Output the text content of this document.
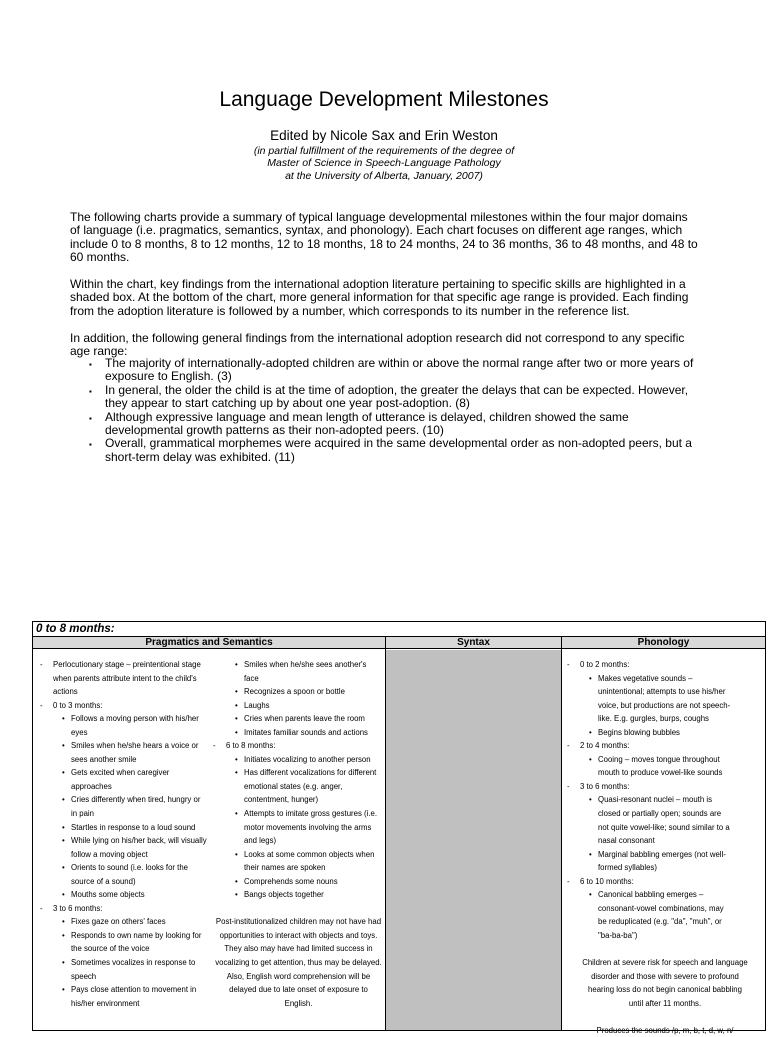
Language Development Milestones
Edited by Nicole Sax and Erin Weston
(in partial fulfillment of the requirements of the degree of
Master of Science in Speech-Language Pathology
at the University of Alberta, January, 2007)
The following charts provide a summary of typical language developmental milestones within the four major domains of language (i.e. pragmatics, semantics, syntax, and phonology). Each chart focuses on different age ranges, which include 0 to 8 months, 8 to 12 months, 12 to 18 months, 18 to 24 months, 24 to 36 months, 36 to 48 months, and 48 to 60 months.
Within the chart, key findings from the international adoption literature pertaining to specific skills are highlighted in a shaded box. At the bottom of the chart, more general information for that specific age range is provided. Each finding from the adoption literature is followed by a number, which corresponds to its number in the reference list.
In addition, the following general findings from the international adoption research did not correspond to any specific age range:
▪ The majority of internationally-adopted children are within or above the normal range after two or more years of exposure to English. (3)
▪ In general, the older the child is at the time of adoption, the greater the delays that can be expected. However, they appear to start catching up by about one year post-adoption. (8)
▪ Although expressive language and mean length of utterance is delayed, children showed the same developmental growth patterns as their non-adopted peers. (10)
▪ Overall, grammatical morphemes were acquired in the same developmental order as non-adopted peers, but a short-term delay was exhibited. (11)
0 to 8 months:
Pragmatics and Semantics	Syntax	Phonology
- Perlocutionary stage – preintentional stage
when parents attribute intent to the child's
actions
- 0 to 3 months:
• Follows a moving person with his/her
eyes
• Smiles when he/she hears a voice or
sees another smile
• Gets excited when caregiver
approaches
• Cries differently when tired, hungry or
in pain
• Startles in response to a loud sound
• While lying on his/her back, will visually
follow a moving object
• Orients to sound (i.e. looks for the
source of a sound)
• Mouths some objects
- 3 to 6 months:
• Fixes gaze on others' faces
• Responds to own name by looking for
the source of the voice
• Sometimes vocalizes in response to
speech
• Pays close attention to movement in
his/her environment
• Smiles when he/she sees another's
face
• Recognizes a spoon or bottle
• Laughs
• Cries when parents leave the room
• Imitates familiar sounds and actions
- 6 to 8 months:
• Initiates vocalizing to another person
• Has different vocalizations for different
emotional states (e.g. anger,
contentment, hunger)
• Attempts to imitate gross gestures (i.e.
motor movements involving the arms
and legs)
• Looks at some common objects when
their names are spoken
• Comprehends some nouns
• Bangs objects together

Post-institutionalized children may not have had
opportunities to interact with objects and toys.
They also may have had limited success in
vocalizing to get attention, thus may be delayed.
Also, English word comprehension will be
delayed due to late onset of exposure to
English.
- 0 to 2 months:
• Makes vegetative sounds –
unintentional; attempts to use his/her
voice, but productions are not speech-
like. E.g. gurgles, burps, coughs
• Begins blowing bubbles
- 2 to 4 months:
• Cooing – moves tongue throughout
mouth to produce vowel-like sounds
- 3 to 6 months:
• Quasi-resonant nuclei – mouth is
closed or partially open; sounds are
not quite vowel-like; sound similar to a
nasal consonant
• Marginal babbling emerges (not well-
formed syllables)
- 6 to 10 months:
• Canonical babbling emerges –
consonant-vowel combinations, may
be reduplicated (e.g. "da", "muh", or
"ba-ba-ba")

Children at severe risk for speech and language
disorder and those with severe to profound
hearing loss do not begin canonical babbling
until after 11 months.

Produces the sounds /p, m, b, t, d, w, n/
